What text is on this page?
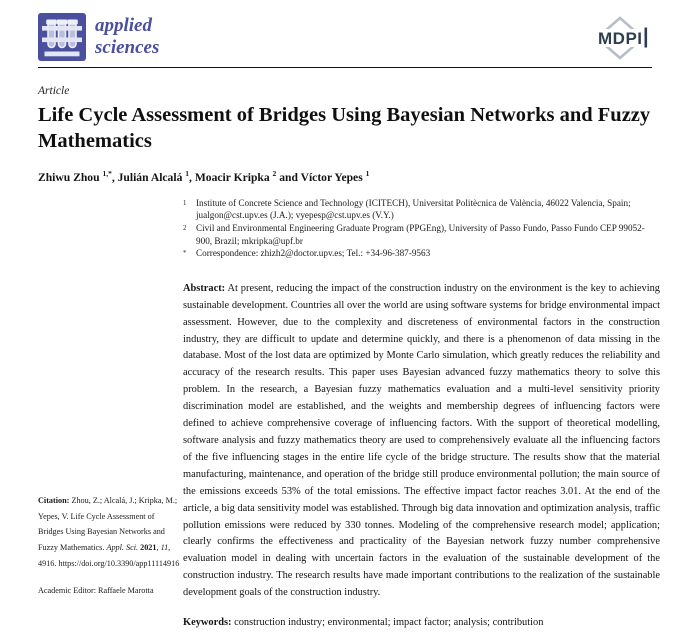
applied
sciences	MDPI
Article
Life Cycle Assessment of Bridges Using Bayesian Networks and Fuzzy Mathematics
Zhiwu Zhou $^{1,*}$, Julián Alcalá $^1$, Moacir Kripka $^2$ and Víctor Yepes $^1$

Citation: Zhou, Z.; Alcalá, J.; Kripka, M.; Yepes, V. Life Cycle Assessment of Bridges Using Bayesian Networks and Fuzzy Mathematics. Appl. Sci. 2021, 11, 4916. https://doi.org/10.3390/app11114916

Academic Editor: Raffaele Marotta

1	Institute of Concrete Science and Technology (ICITECH), Universitat Politècnica de València, 46022 Valencia, Spain; jualgon@cst.upv.es (J.A.); vyepesp@cst.upv.es (V.Y.)
2	Civil and Environmental Engineering Graduate Program (PPGEng), University of Passo Fundo, Passo Fundo CEP 99052-900, Brazil; mkripka@upf.br
*	Correspondence: zhizh2@doctor.upv.es; Tel.: +34-96-387-9563

Abstract: At present, reducing the impact of the construction industry on the environment is the key to achieving sustainable development. Countries all over the world are using software systems for bridge environmental impact assessment. However, due to the complexity and discreteness of environmental factors in the construction industry, they are difficult to update and determine quickly, and there is a phenomenon of data missing in the database. Most of the lost data are optimized by Monte Carlo simulation, which greatly reduces the reliability and accuracy of the research results. This paper uses Bayesian advanced fuzzy mathematics theory to solve this problem. In the research, a Bayesian fuzzy mathematics evaluation and a multi-level sensitivity priority discrimination model are established, and the weights and membership degrees of influencing factors were defined to achieve comprehensive coverage of influencing factors. With the support of theoretical modelling, software analysis and fuzzy mathematics theory are used to comprehensively evaluate all the influencing factors of the five influencing stages in the entire life cycle of the bridge structure. The results show that the material manufacturing, maintenance, and operation of the bridge still produce environmental pollution; the main source of the emissions exceeds 53% of the total emissions. The effective impact factor reaches 3.01. At the end of the article, a big data sensitivity model was established. Through big data innovation and optimization analysis, traffic pollution emissions were reduced by 330 tonnes. Modeling of the comprehensive research model; application; clearly confirms the effectiveness and practicality of the Bayesian network fuzzy number comprehensive evaluation model in dealing with uncertain factors in the evaluation of the sustainable development of the construction industry. The research results have made important contributions to the realization of the sustainable development goals of the construction industry.

Keywords: construction industry; environmental; impact factor; analysis; contribution
